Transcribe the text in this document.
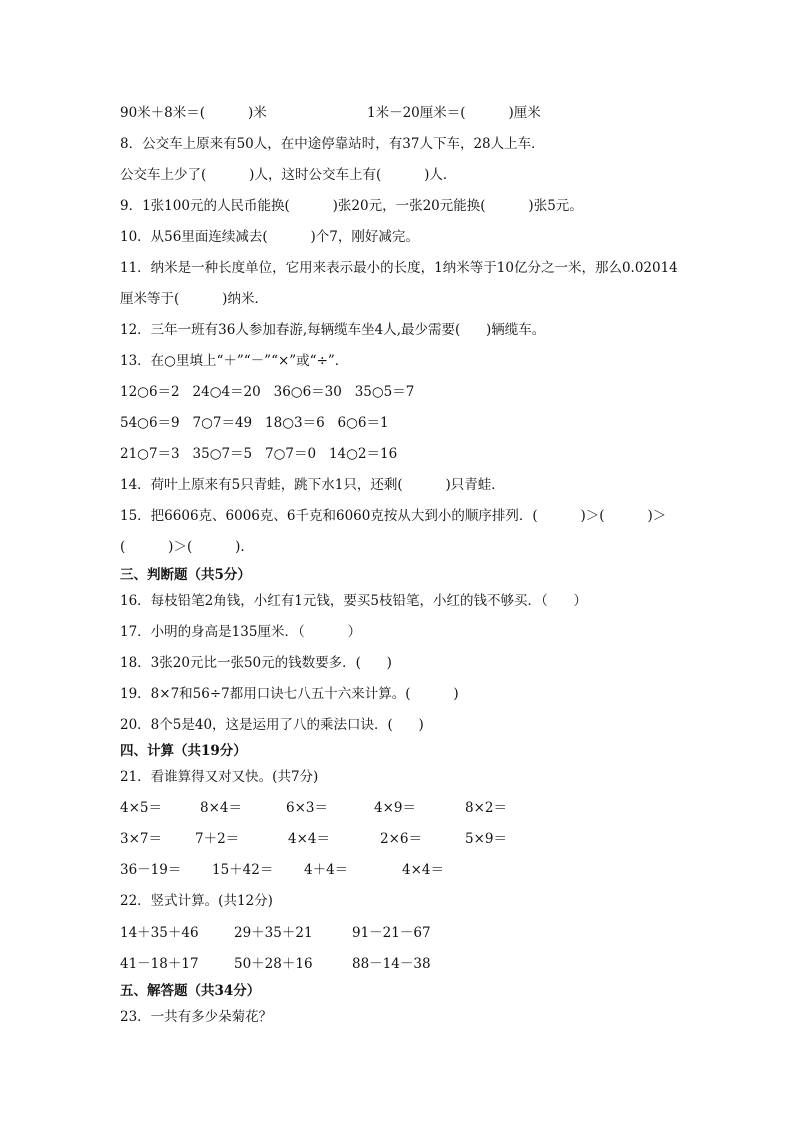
90米＋8米＝(          )米	1米－20厘米＝(          )厘米
8．公交车上原来有50人，在中途停靠站时，有37人下车，28人上车．
公交车上少了(          )人，这时公交车上有(          )人．
9．1张100元的人民币能换(          )张20元，一张20元能换(          )张5元。
10．从56里面连续减去(          )个7，刚好减完。
11．纳米是一种长度单位，它用来表示最小的长度，1纳米等于10亿分之一米，那么0.02014
厘米等于(          )纳米．
12．三年一班有36人参加春游,每辆缆车坐4人,最少需要(      )辆缆车。
13．在○里填上“＋”“－”“×”或“÷”．
12○6＝2   24○4＝20   36○6＝30   35○5＝7
54○6＝9   7○7＝49   18○3＝6   6○6＝1
21○7＝3   35○7＝5   7○7＝0   14○2＝16
14．荷叶上原来有5只青蛙，跳下水1只，还剩(          )只青蛙．
15．把6606克、6006克、6千克和6060克按从大到小的顺序排列．(          )＞(          )＞
(          )＞(          ).
三、判断题（共5分）
16．每枝铅笔2角钱，小红有1元钱，要买5枝铅笔，小红的钱不够买．（      ）
17．小明的身高是135厘米．（          ）
18．3张20元比一张50元的钱数要多．(      )
19．8×7和56÷7都用口诀七八五十六来计算。(          )
20．8个5是40，这是运用了八的乘法口诀．(      )
四、计算（共19分）
21．看谁算得又对又快。(共7分)
4×5＝	8×4＝	6×3＝	4×9＝	8×2＝
3×7＝ 7＋2＝	4×4＝	2×6＝	5×9＝
36－19＝ 15＋42＝ 4＋4＝	4×4＝
22．竖式计算。(共12分)
14＋35＋46	29＋35＋21	91－21－67
41－18＋17	50＋28＋16	88－14－38
五、解答题（共34分）
23．一共有多少朵菊花？
